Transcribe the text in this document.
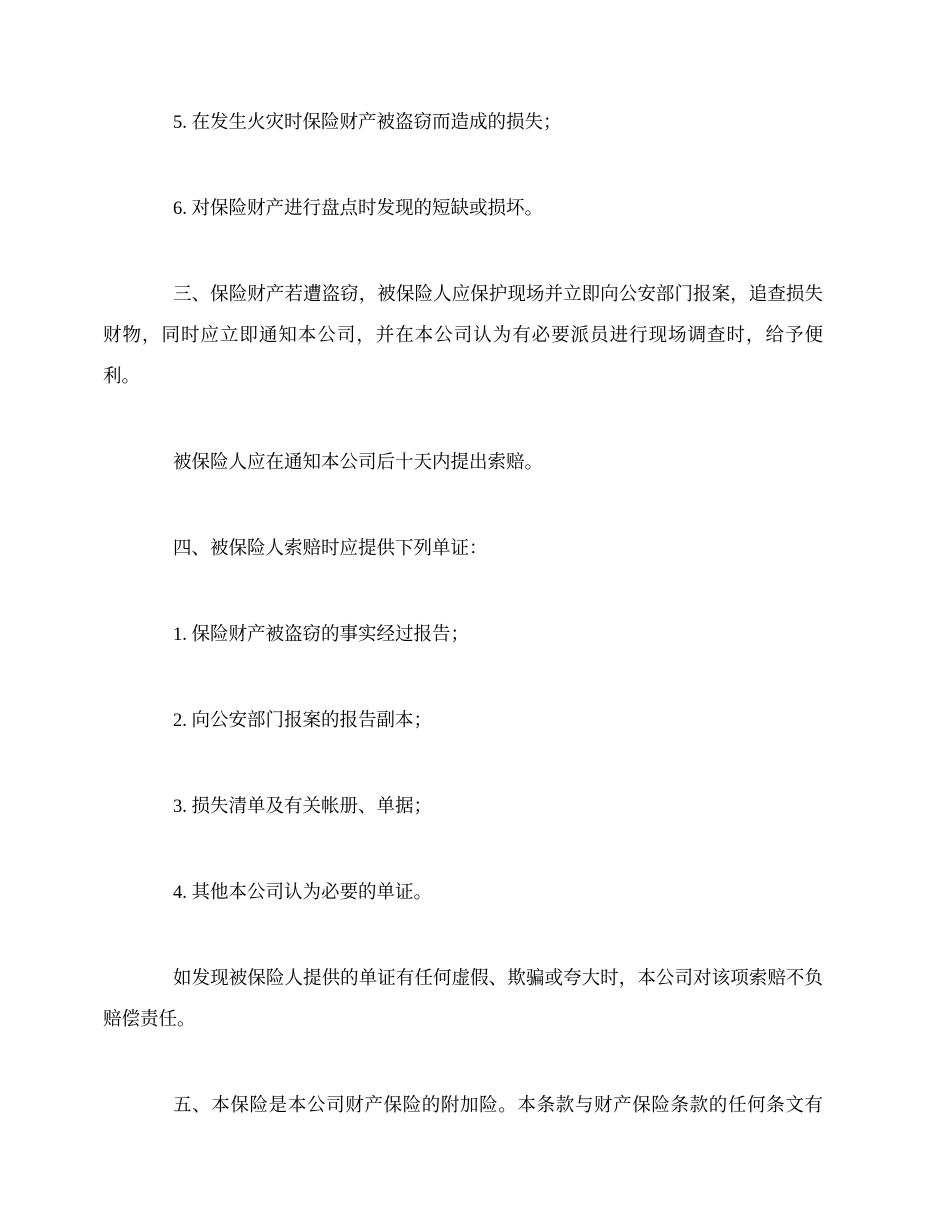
5. 在发生火灾时保险财产被盗窃而造成的损失；

6. 对保险财产进行盘点时发现的短缺或损坏。

三、保险财产若遭盗窃，被保险人应保护现场并立即向公安部门报案，追查损失财物，同时应立即通知本公司，并在本公司认为有必要派员进行现场调查时，给予便利。

被保险人应在通知本公司后十天内提出索赔。

四、被保险人索赔时应提供下列单证：

1. 保险财产被盗窃的事实经过报告；

2. 向公安部门报案的报告副本；

3. 损失清单及有关帐册、单据；

4. 其他本公司认为必要的单证。

如发现被保险人提供的单证有任何虚假、欺骗或夸大时，本公司对该项索赔不负赔偿责任。

五、本保险是本公司财产保险的附加险。本条款与财产保险条款的任何条文有
